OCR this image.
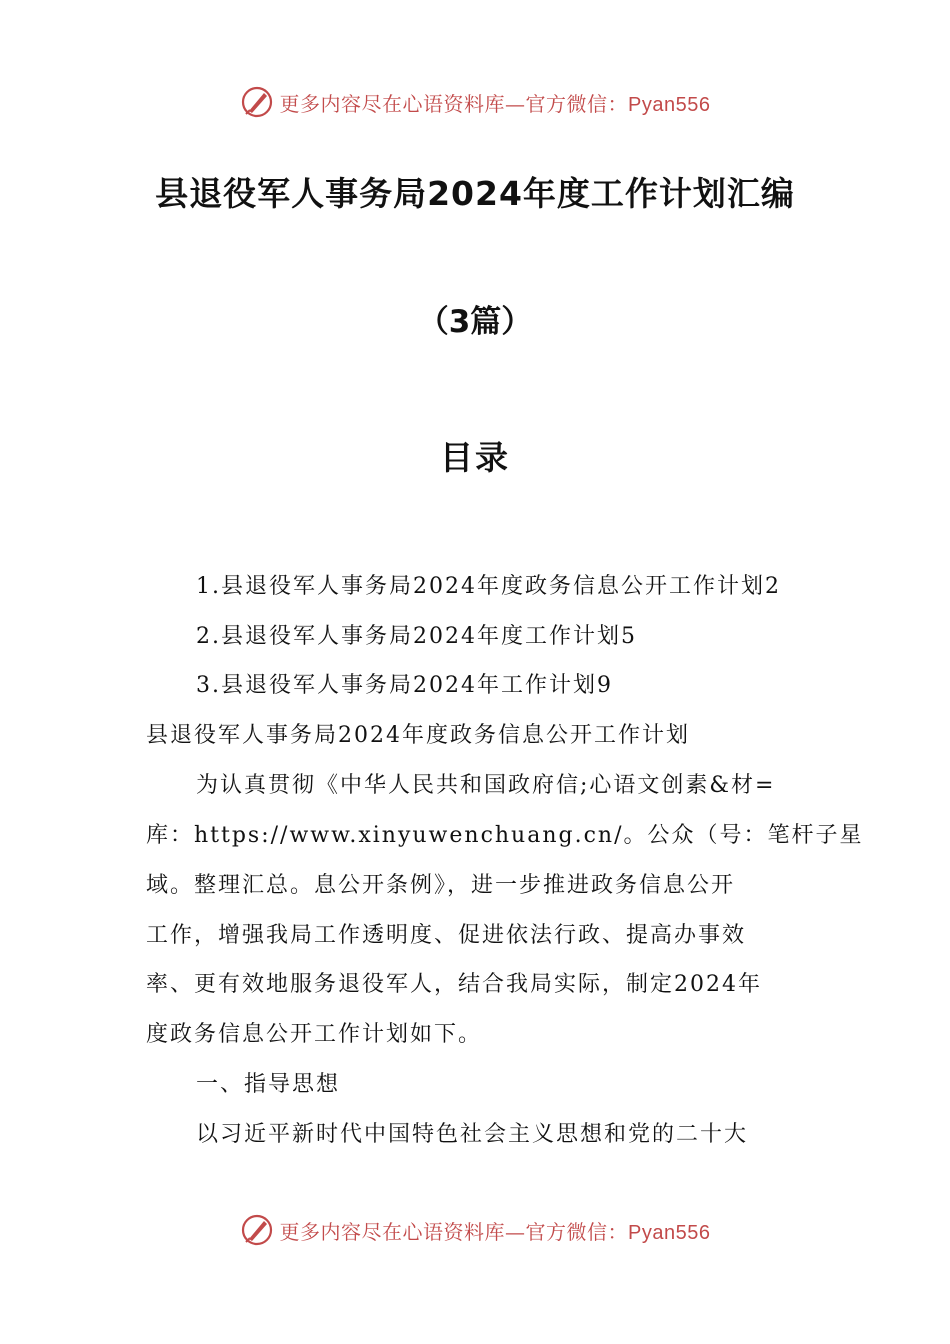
更多内容尽在心语资料库—官方微信：Pyan556
县退役军人事务局2024年度工作计划汇编
（3篇）
目录
1.县退役军人事务局2024年度政务信息公开工作计划2
2.县退役军人事务局2024年度工作计划5
3.县退役军人事务局2024年工作计划9
县退役军人事务局2024年度政务信息公开工作计划
为认真贯彻《中华人民共和国政府信;心语文创素&材=
库：https://www.xinyuwenchuang.cn/。公众（号：笔杆子星
域。整理汇总。息公开条例》，进一步推进政务信息公开
工作，增强我局工作透明度、促进依法行政、提高办事效
率、更有效地服务退役军人，结合我局实际，制定2024年
度政务信息公开工作计划如下。
一、指导思想
以习近平新时代中国特色社会主义思想和党的二十大
更多内容尽在心语资料库—官方微信：Pyan556
